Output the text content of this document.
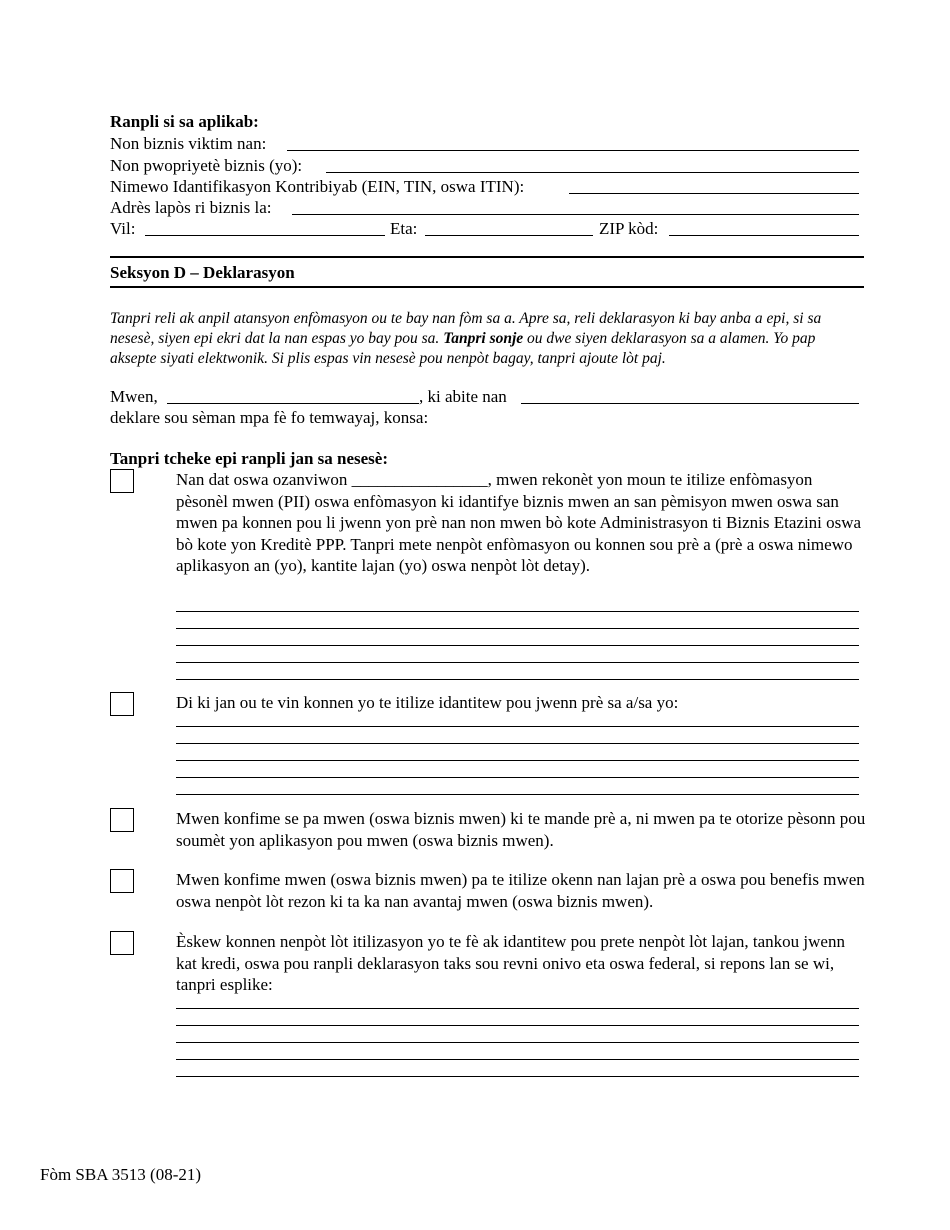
Ranpli si sa aplikab:
Non biznis viktim nan:
Non pwopriyetè biznis (yo):
Nimewo Idantifikasyon Kontribiyab (EIN, TIN, oswa ITIN):
Adrès lapòs ri biznis la:
Vil:	Eta:	ZIP kòd:
Seksyon D – Deklarasyon
Tanpri reli ak anpil atansyon enfòmasyon ou te bay nan fòm sa a. Apre sa, reli deklarasyon ki bay anba a epi, si sa nesesè, siyen epi ekri dat la nan espas yo bay pou sa. Tanpri sonje ou dwe siyen deklarasyon sa a alamen. Yo pap aksepte siyati elektwonik. Si plis espas vin nesesè pou nenpòt bagay, tanpri ajoute lòt paj.
Mwen,	, ki abite nan
deklare sou sèman mpa fè fo temwayaj, konsa:
Tanpri tcheke epi ranpli jan sa nesesè:
Nan dat oswa ozanviwon ________________, mwen rekonèt yon moun te itilize enfòmasyon pèsonèl mwen (PII) oswa enfòmasyon ki idantifye biznis mwen an san pèmisyon mwen oswa san mwen pa konnen pou li jwenn yon prè nan non mwen bò kote Administrasyon ti Biznis Etazini oswa bò kote yon Kreditè PPP. Tanpri mete nenpòt enfòmasyon ou konnen sou prè a (prè a oswa nimewo aplikasyon an (yo), kantite lajan (yo) oswa nenpòt lòt detay).
Di ki jan ou te vin konnen yo te itilize idantitew pou jwenn prè sa a/sa yo:
Mwen konfime se pa mwen (oswa biznis mwen) ki te mande prè a, ni mwen pa te otorize pèsonn pou soumèt yon aplikasyon pou mwen (oswa biznis mwen).
Mwen konfime mwen (oswa biznis mwen) pa te itilize okenn nan lajan prè a oswa pou benefis mwen oswa nenpòt lòt rezon ki ta ka nan avantaj mwen (oswa biznis mwen).
Èskew konnen nenpòt lòt itilizasyon yo te fè ak idantitew pou prete nenpòt lòt lajan, tankou jwenn kat kredi, oswa pou ranpli deklarasyon taks sou revni onivo eta oswa federal, si repons lan se wi, tanpri esplike:
Fòm SBA 3513 (08-21)
